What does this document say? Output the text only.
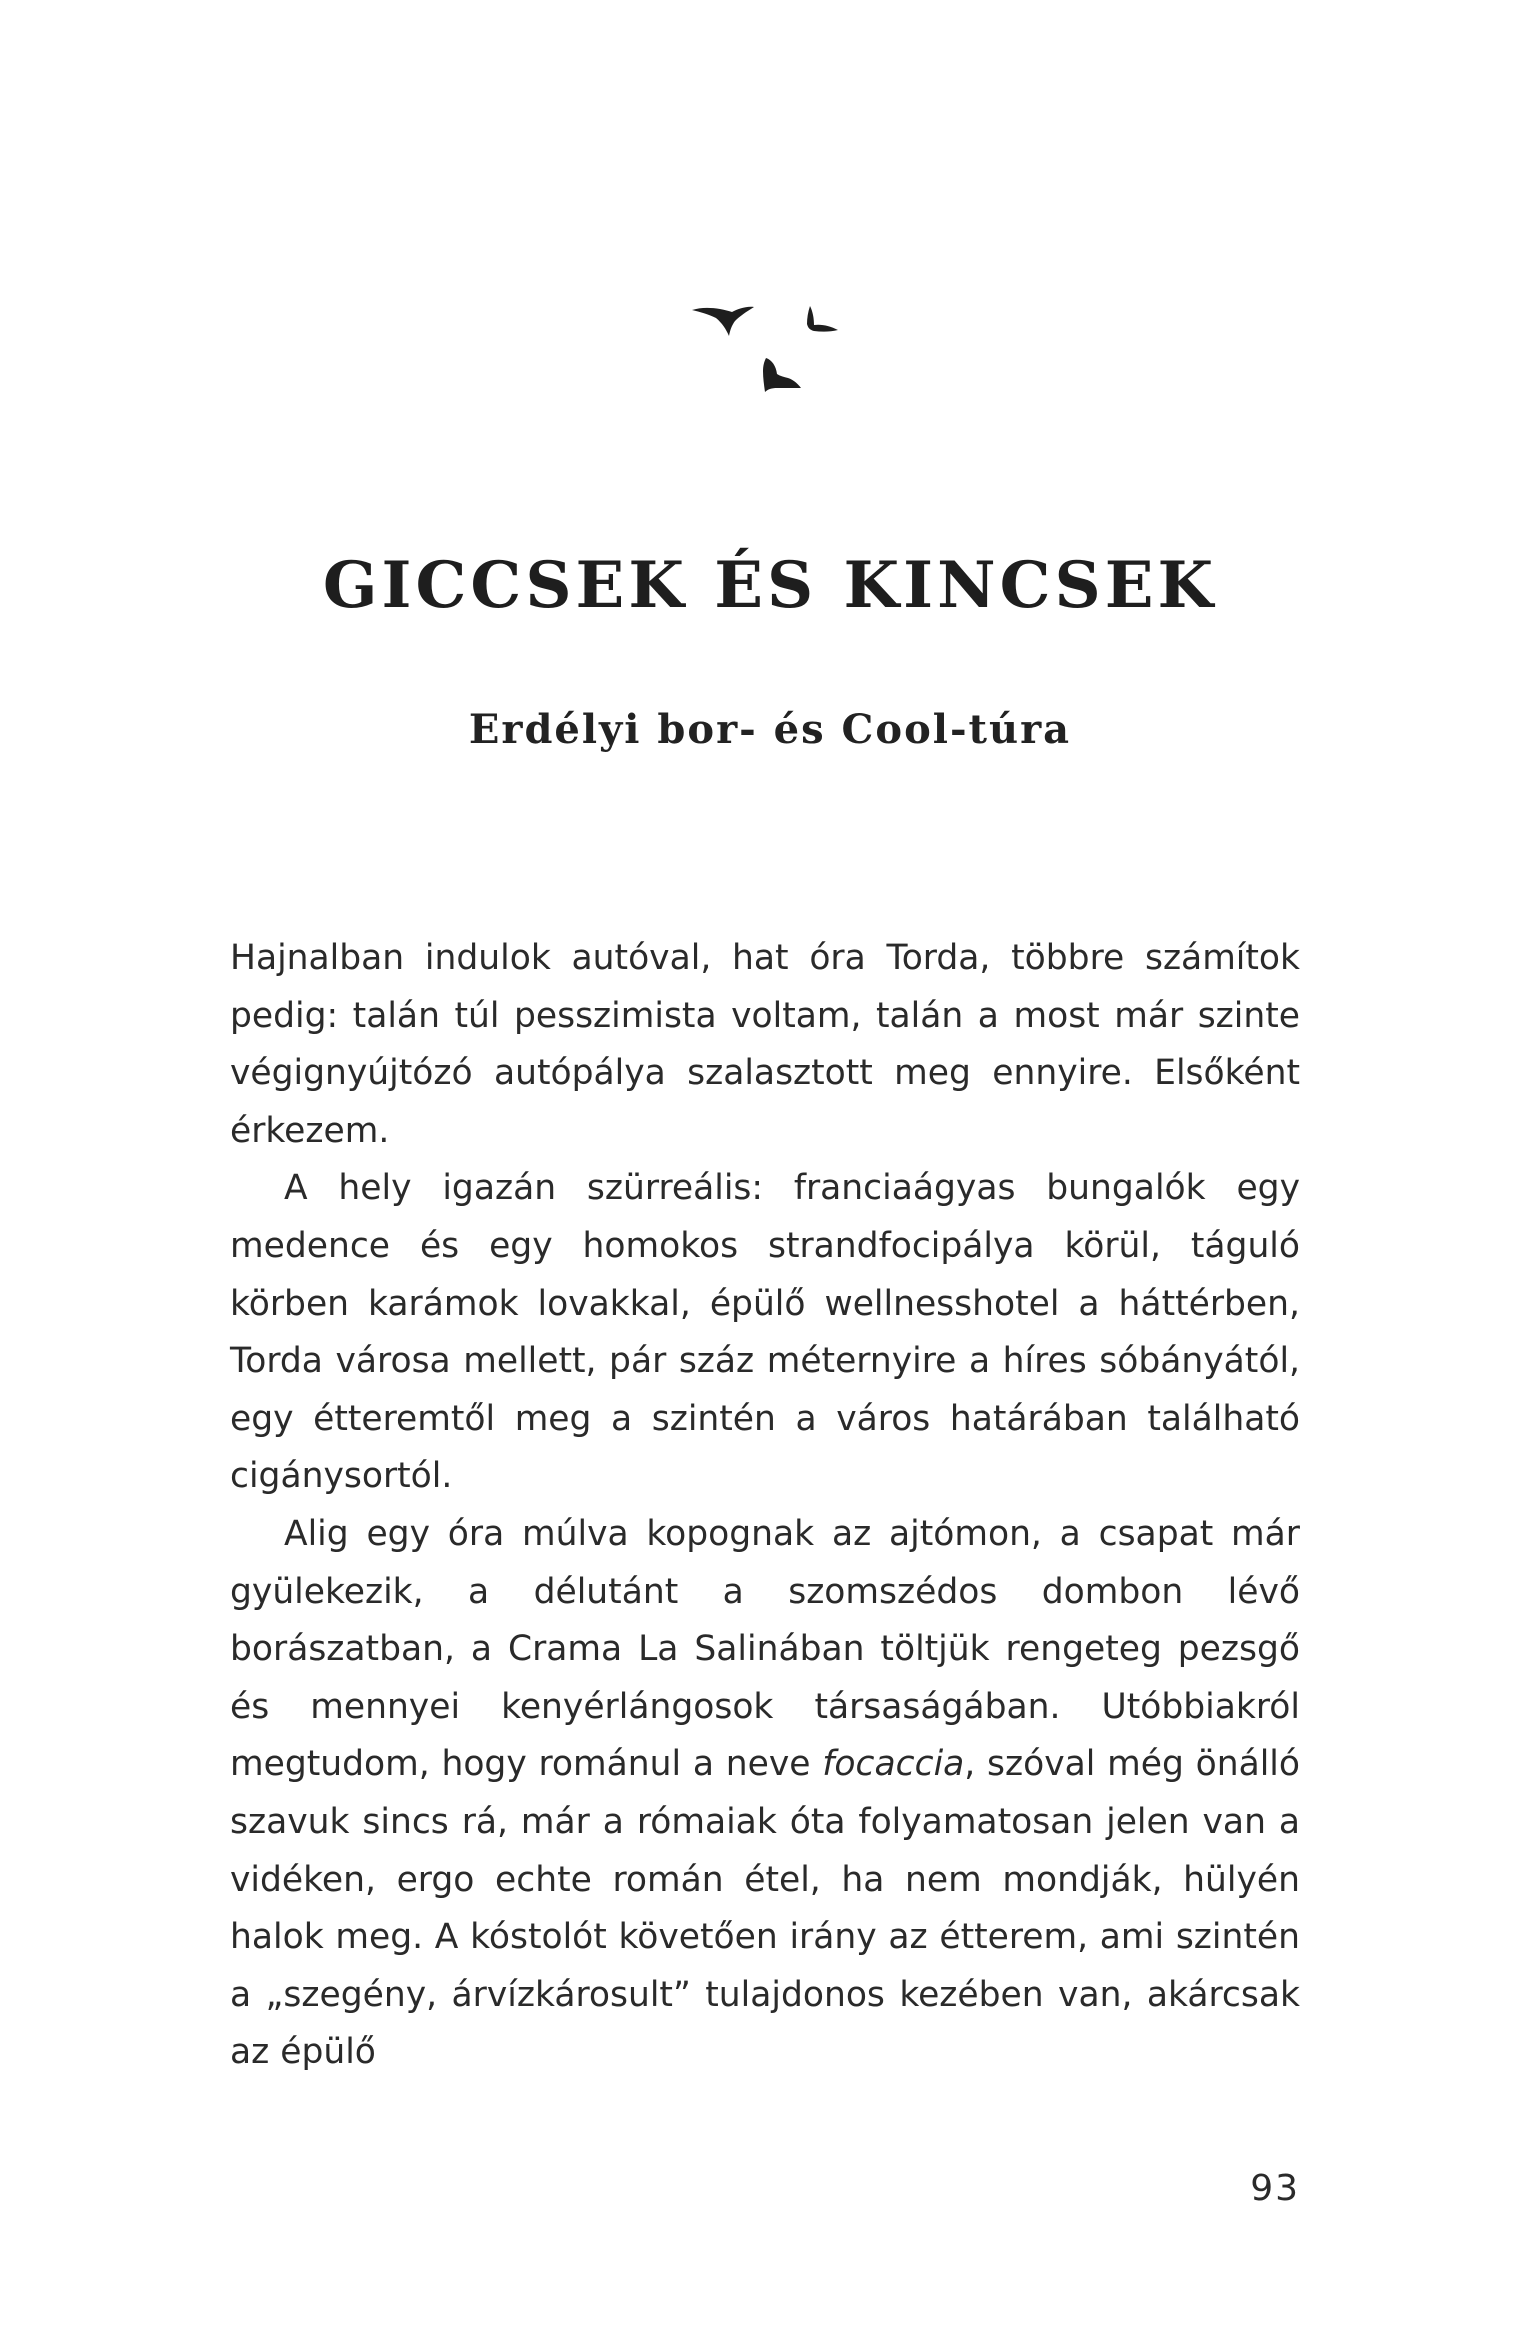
GICCSEK ÉS KINCSEK
Erdélyi bor- és Cool-túra

Hajnalban indulok autóval, hat óra Torda, többre számítok pedig: talán túl pesszimista voltam, talán a most már szinte végignyújtózó autópálya szalasztott meg ennyire. Elsőként érkezem.

A hely igazán szürreális: franciaágyas bungalók egy medence és egy homokos strandfocipálya körül, táguló körben karámok lovakkal, épülő wellnesshotel a háttérben, Torda városa mellett, pár száz méternyire a híres sóbányától, egy étteremtől meg a szintén a város határában található cigánysortól.

Alig egy óra múlva kopognak az ajtómon, a csapat már gyülekezik, a délutánt a szomszédos dombon lévő borászatban, a Crama La Salinában töltjük rengeteg pezsgő és mennyei kenyérlángosok társaságában. Utóbbiakról megtudom, hogy románul a neve focaccia, szóval még önálló szavuk sincs rá, már a rómaiak óta folyamatosan jelen van a vidéken, ergo echte román étel, ha nem mondják, hülyén halok meg. A kóstolót követően irány az étterem, ami szintén a „szegény, árvízkárosult” tulajdonos kezében van, akárcsak az épülő

93
